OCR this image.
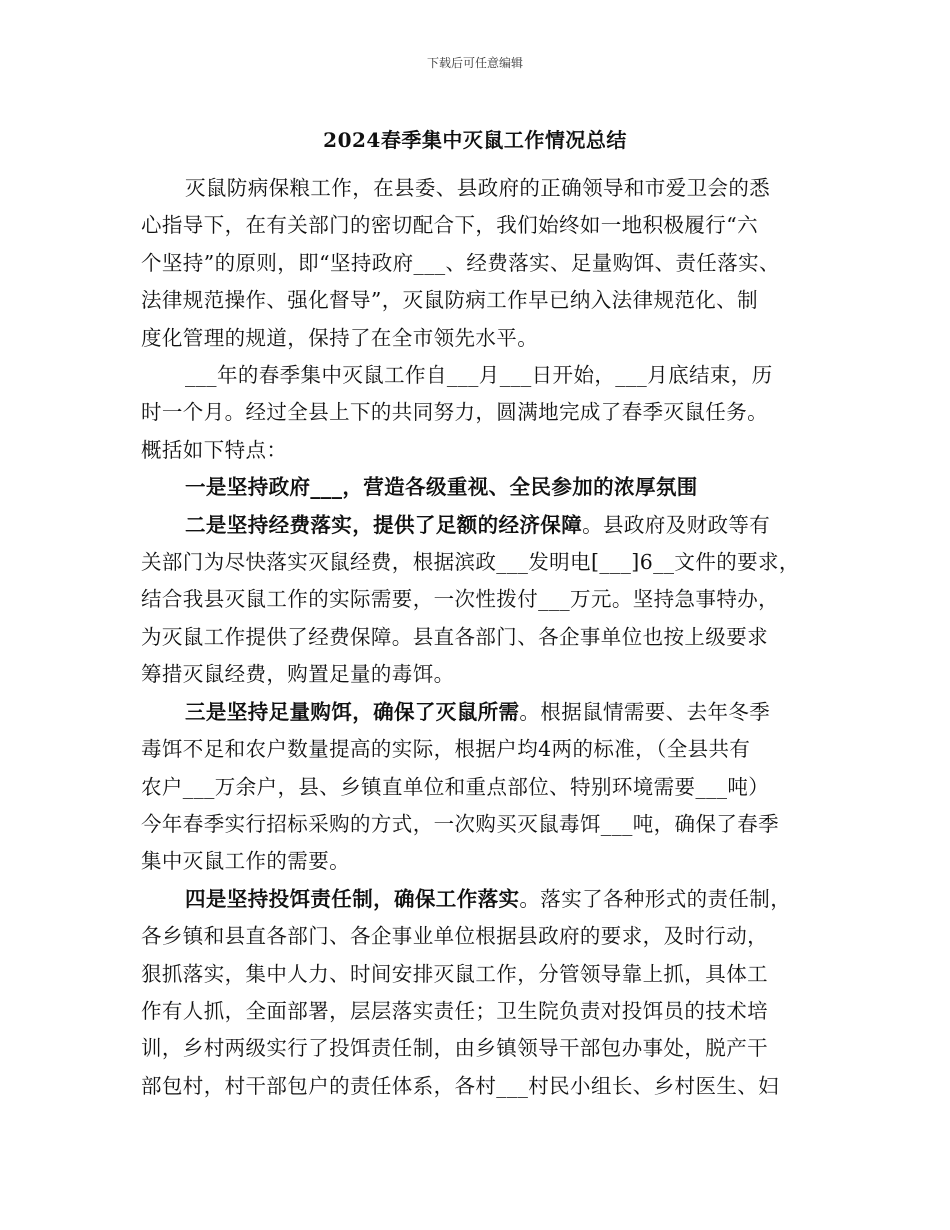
下载后可任意编辑
2024春季集中灭鼠工作情况总结

灭鼠防病保粮工作，在县委、县政府的正确领导和市爱卫会的悉

心指导下，在有关部门的密切配合下，我们始终如一地积极履行“六

个坚持”的原则，即“坚持政府___、经费落实、足量购饵、责任落实、

法律规范操作、强化督导”，灭鼠防病工作早已纳入法律规范化、制

度化管理的规道，保持了在全市领先水平。

___年的春季集中灭鼠工作自___月___日开始，___月底结束，历

时一个月。经过全县上下的共同努力，圆满地完成了春季灭鼠任务。

概括如下特点：

一是坚持政府___，营造各级重视、全民参加的浓厚氛围

二是坚持经费落实，提供了足额的经济保障。县政府及财政等有

关部门为尽快落实灭鼠经费，根据滨政___发明电[___]6__文件的要求，

结合我县灭鼠工作的实际需要，一次性拨付___万元。坚持急事特办，

为灭鼠工作提供了经费保障。县直各部门、各企事单位也按上级要求

筹措灭鼠经费，购置足量的毒饵。

三是坚持足量购饵，确保了灭鼠所需。根据鼠情需要、去年冬季

毒饵不足和农户数量提高的实际，根据户均4两的标准，（全县共有

农户___万余户，县、乡镇直单位和重点部位、特别环境需要___吨）

今年春季实行招标采购的方式，一次购买灭鼠毒饵___吨，确保了春季

集中灭鼠工作的需要。

四是坚持投饵责任制，确保工作落实。落实了各种形式的责任制，

各乡镇和县直各部门、各企事业单位根据县政府的要求，及时行动，

狠抓落实，集中人力、时间安排灭鼠工作，分管领导靠上抓，具体工

作有人抓，全面部署，层层落实责任；卫生院负责对投饵员的技术培

训，乡村两级实行了投饵责任制，由乡镇领导干部包办事处，脱产干

部包村，村干部包户的责任体系，各村___村民小组长、乡村医生、妇
